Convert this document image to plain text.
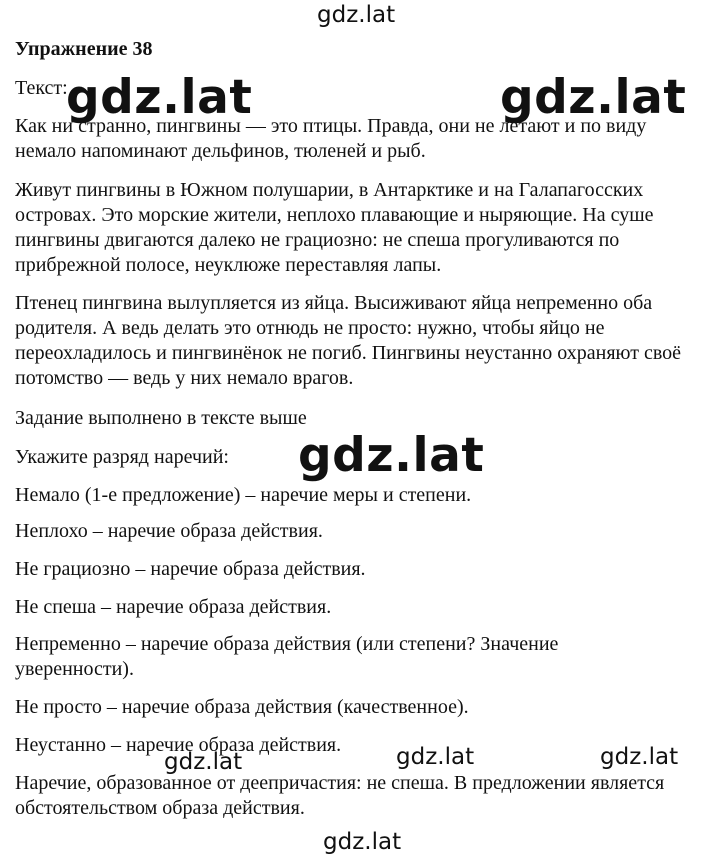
gdz.lat
gdz.lat	gdz.lat
gdz.lat
gdz.lat	gdz.lat	gdz.lat
gdz.lat
Упражнение 38
Текст:
Как ни странно, пингвины — это птицы. Правда, они не летают и по виду
немало напоминают дельфинов, тюленей и рыб.
Живут пингвины в Южном полушарии, в Антарктике и на Галапагосских
островах. Это морские жители, неплохо плавающие и ныряющие. На суше
пингвины двигаются далеко не грациозно: не спеша прогуливаются по
прибрежной полосе, неуклюже переставляя лапы.
Птенец пингвина вылупляется из яйца. Высиживают яйца непременно оба
родителя. А ведь делать это отнюдь не просто: нужно, чтобы яйцо не
переохладилось и пингвинёнок не погиб. Пингвины неустанно охраняют своё
потомство — ведь у них немало врагов.
Задание выполнено в тексте выше
Укажите разряд наречий:
Немало (1-е предложение) – наречие меры и степени.
Неплохо – наречие образа действия.
Не грациозно – наречие образа действия.
Не спеша – наречие образа действия.
Непременно – наречие образа действия (или степени? Значение
уверенности).
Не просто – наречие образа действия (качественное).
Неустанно – наречие образа действия.
Наречие, образованное от деепричастия: не спеша. В предложении является
обстоятельством образа действия.
